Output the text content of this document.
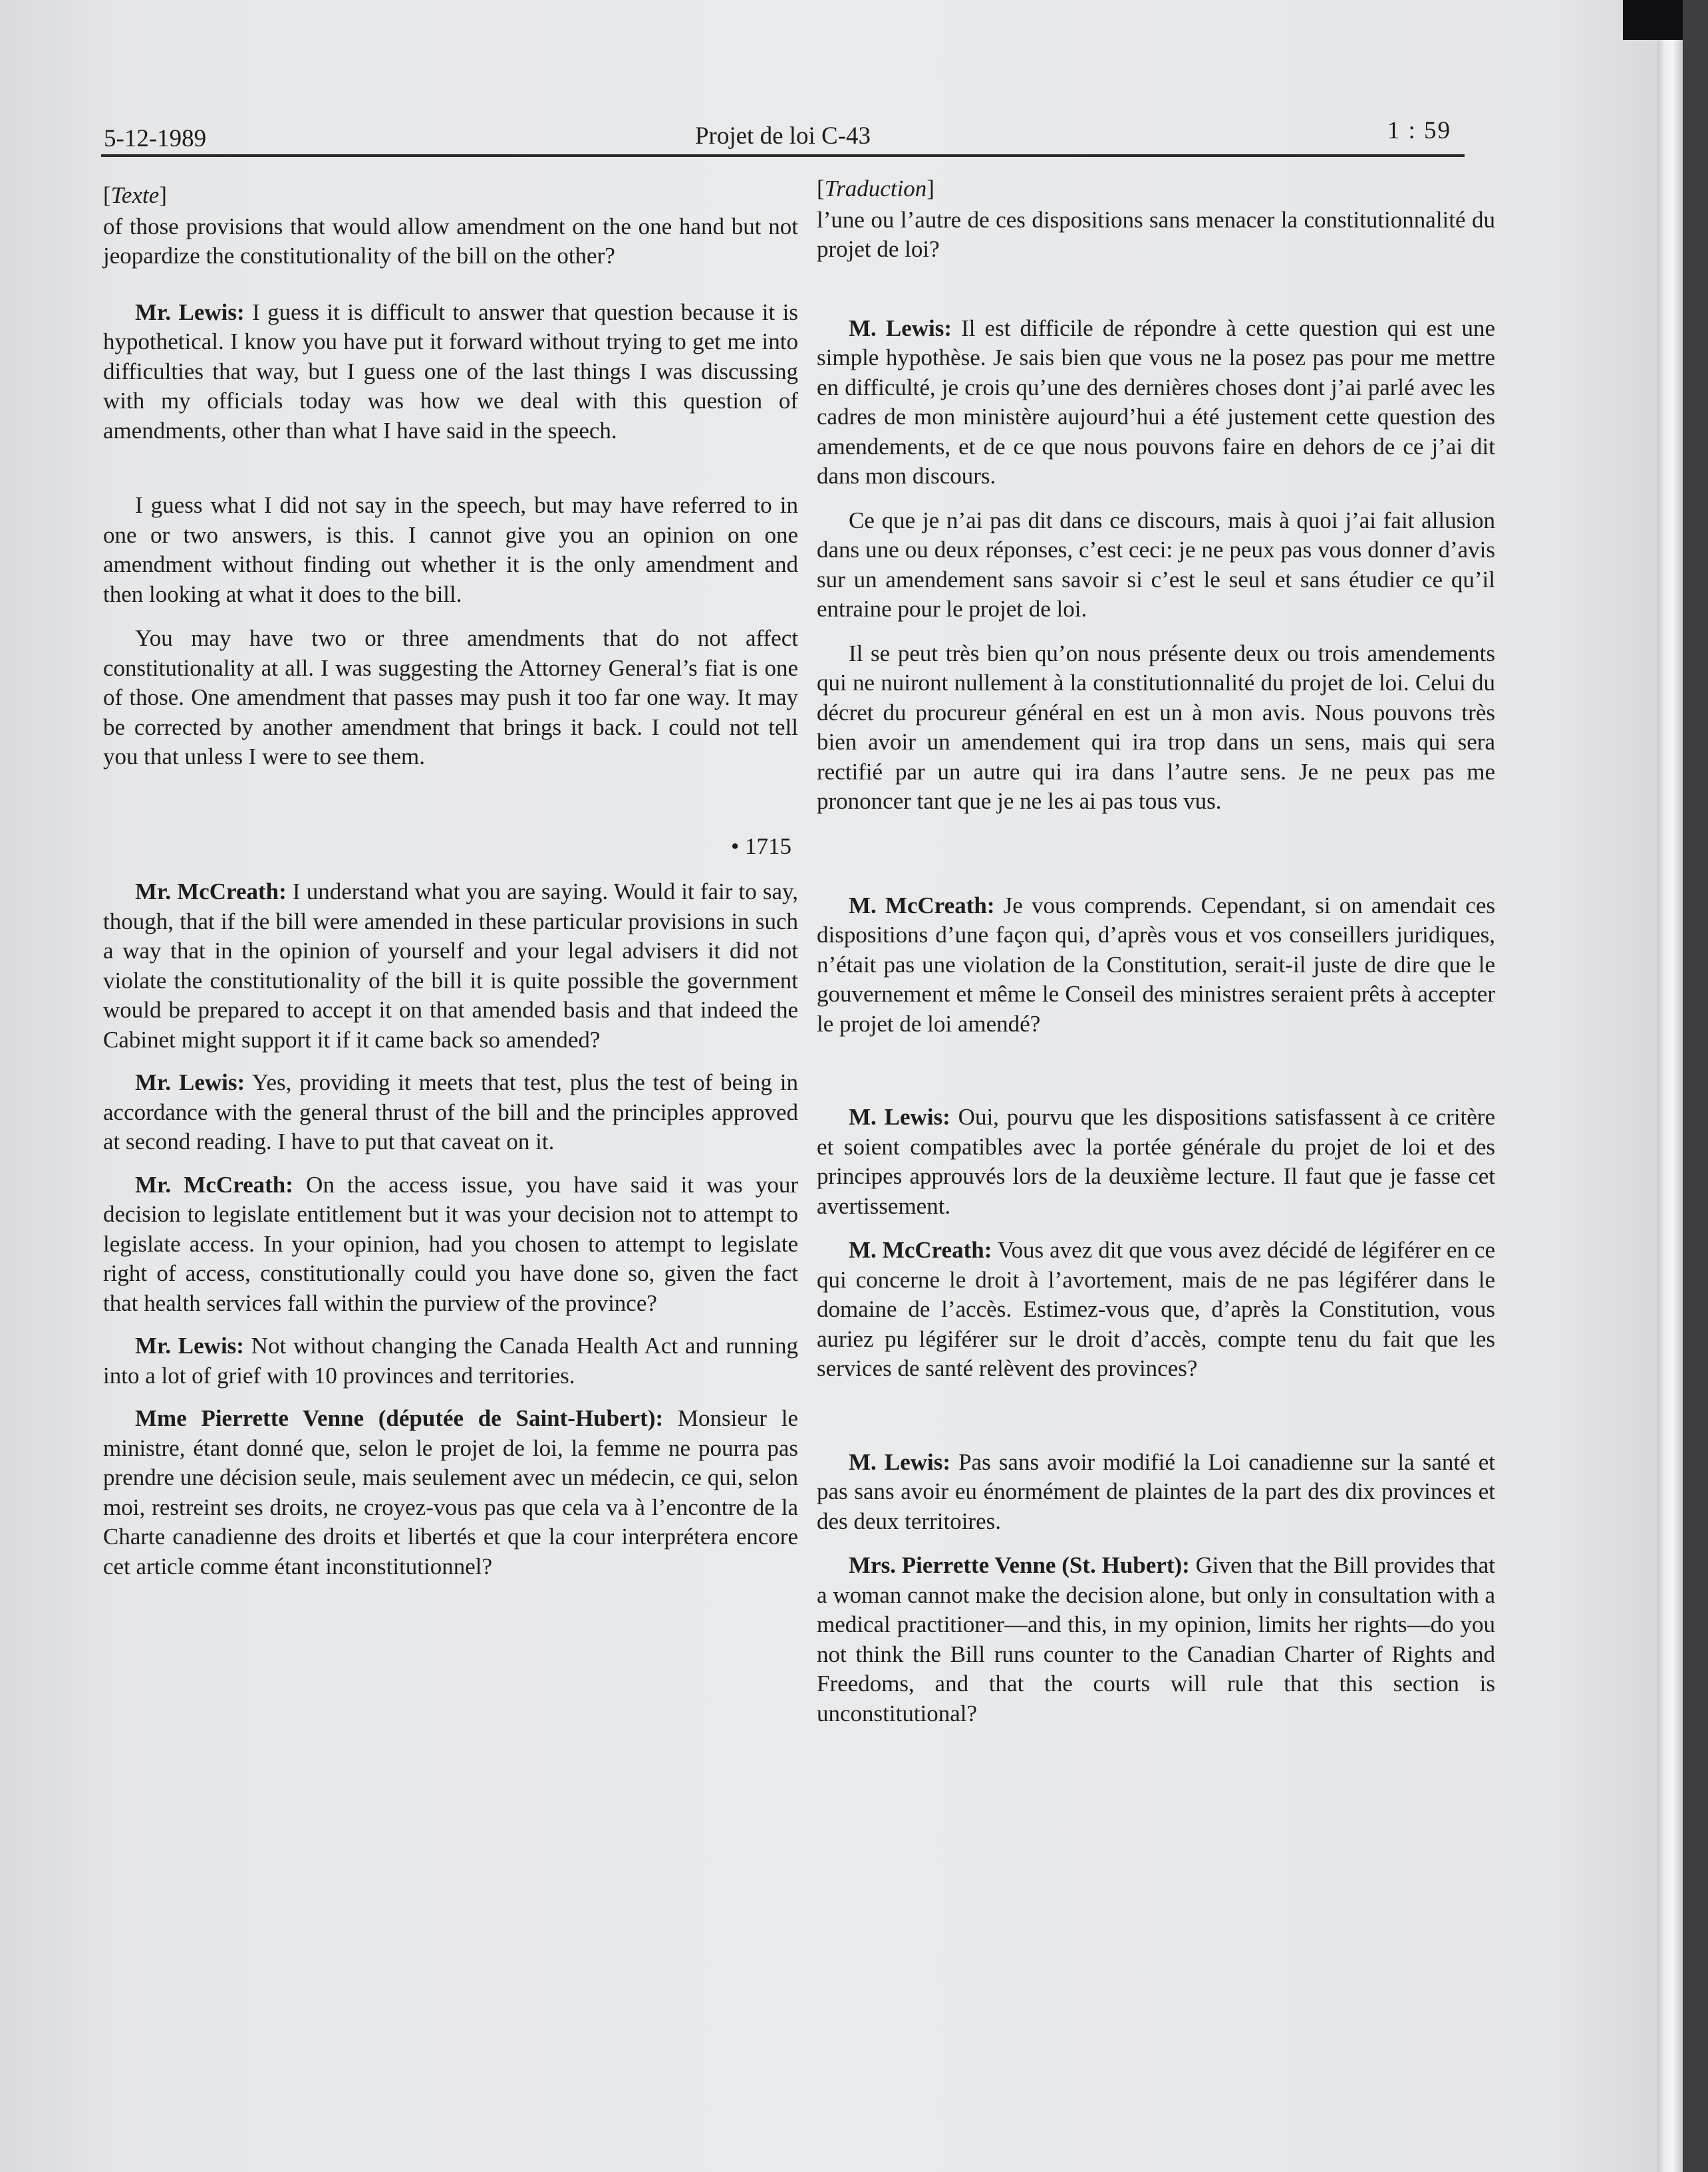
5-12-1989	Projet de loi C-43	1 : 59
[Texte]

of those provisions that would allow amendment on the one hand but not jeopardize the constitutionality of the bill on the other?

Mr. Lewis: I guess it is difficult to answer that question because it is hypothetical. I know you have put it forward without trying to get me into difficulties that way, but I guess one of the last things I was discussing with my officials today was how we deal with this question of amendments, other than what I have said in the speech.

I guess what I did not say in the speech, but may have referred to in one or two answers, is this. I cannot give you an opinion on one amendment without finding out whether it is the only amendment and then looking at what it does to the bill.

You may have two or three amendments that do not affect constitutionality at all. I was suggesting the Attorney General’s fiat is one of those. One amendment that passes may push it too far one way. It may be corrected by another amendment that brings it back. I could not tell you that unless I were to see them.

• 1715

Mr. McCreath: I understand what you are saying. Would it fair to say, though, that if the bill were amended in these particular provisions in such a way that in the opinion of yourself and your legal advisers it did not violate the constitutionality of the bill it is quite possible the government would be prepared to accept it on that amended basis and that indeed the Cabinet might support it if it came back so amended?

Mr. Lewis: Yes, providing it meets that test, plus the test of being in accordance with the general thrust of the bill and the principles approved at second reading. I have to put that caveat on it.

Mr. McCreath: On the access issue, you have said it was your decision to legislate entitlement but it was your decision not to attempt to legislate access. In your opinion, had you chosen to attempt to legislate right of access, constitutionally could you have done so, given the fact that health services fall within the purview of the province?

Mr. Lewis: Not without changing the Canada Health Act and running into a lot of grief with 10 provinces and territories.

Mme Pierrette Venne (députée de Saint-Hubert): Monsieur le ministre, étant donné que, selon le projet de loi, la femme ne pourra pas prendre une décision seule, mais seulement avec un médecin, ce qui, selon moi, restreint ses droits, ne croyez-vous pas que cela va à l’encontre de la Charte canadienne des droits et libertés et que la cour interprétera encore cet article comme étant inconstitutionnel?

[Traduction]

l’une ou l’autre de ces dispositions sans menacer la constitutionnalité du projet de loi?

M. Lewis: Il est difficile de répondre à cette question qui est une simple hypothèse. Je sais bien que vous ne la posez pas pour me mettre en difficulté, je crois qu’une des dernières choses dont j’ai parlé avec les cadres de mon ministère aujourd’hui a été justement cette question des amendements, et de ce que nous pouvons faire en dehors de ce j’ai dit dans mon discours.

Ce que je n’ai pas dit dans ce discours, mais à quoi j’ai fait allusion dans une ou deux réponses, c’est ceci: je ne peux pas vous donner d’avis sur un amendement sans savoir si c’est le seul et sans étudier ce qu’il entraine pour le projet de loi.

Il se peut très bien qu’on nous présente deux ou trois amendements qui ne nuiront nullement à la constitutionnalité du projet de loi. Celui du décret du procureur général en est un à mon avis. Nous pouvons très bien avoir un amendement qui ira trop dans un sens, mais qui sera rectifié par un autre qui ira dans l’autre sens. Je ne peux pas me prononcer tant que je ne les ai pas tous vus.

M. McCreath: Je vous comprends. Cependant, si on amendait ces dispositions d’une façon qui, d’après vous et vos conseillers juridiques, n’était pas une violation de la Constitution, serait-il juste de dire que le gouvernement et même le Conseil des ministres seraient prêts à accepter le projet de loi amendé?

M. Lewis: Oui, pourvu que les dispositions satisfassent à ce critère et soient compatibles avec la portée générale du projet de loi et des principes approuvés lors de la deuxième lecture. Il faut que je fasse cet avertissement.

M. McCreath: Vous avez dit que vous avez décidé de légiférer en ce qui concerne le droit à l’avortement, mais de ne pas légiférer dans le domaine de l’accès. Estimez-vous que, d’après la Constitution, vous auriez pu légiférer sur le droit d’accès, compte tenu du fait que les services de santé relèvent des provinces?

M. Lewis: Pas sans avoir modifié la Loi canadienne sur la santé et pas sans avoir eu énormément de plaintes de la part des dix provinces et des deux territoires.

Mrs. Pierrette Venne (St. Hubert): Given that the Bill provides that a woman cannot make the decision alone, but only in consultation with a medical practitioner—and this, in my opinion, limits her rights—do you not think the Bill runs counter to the Canadian Charter of Rights and Freedoms, and that the courts will rule that this section is unconstitutional?
